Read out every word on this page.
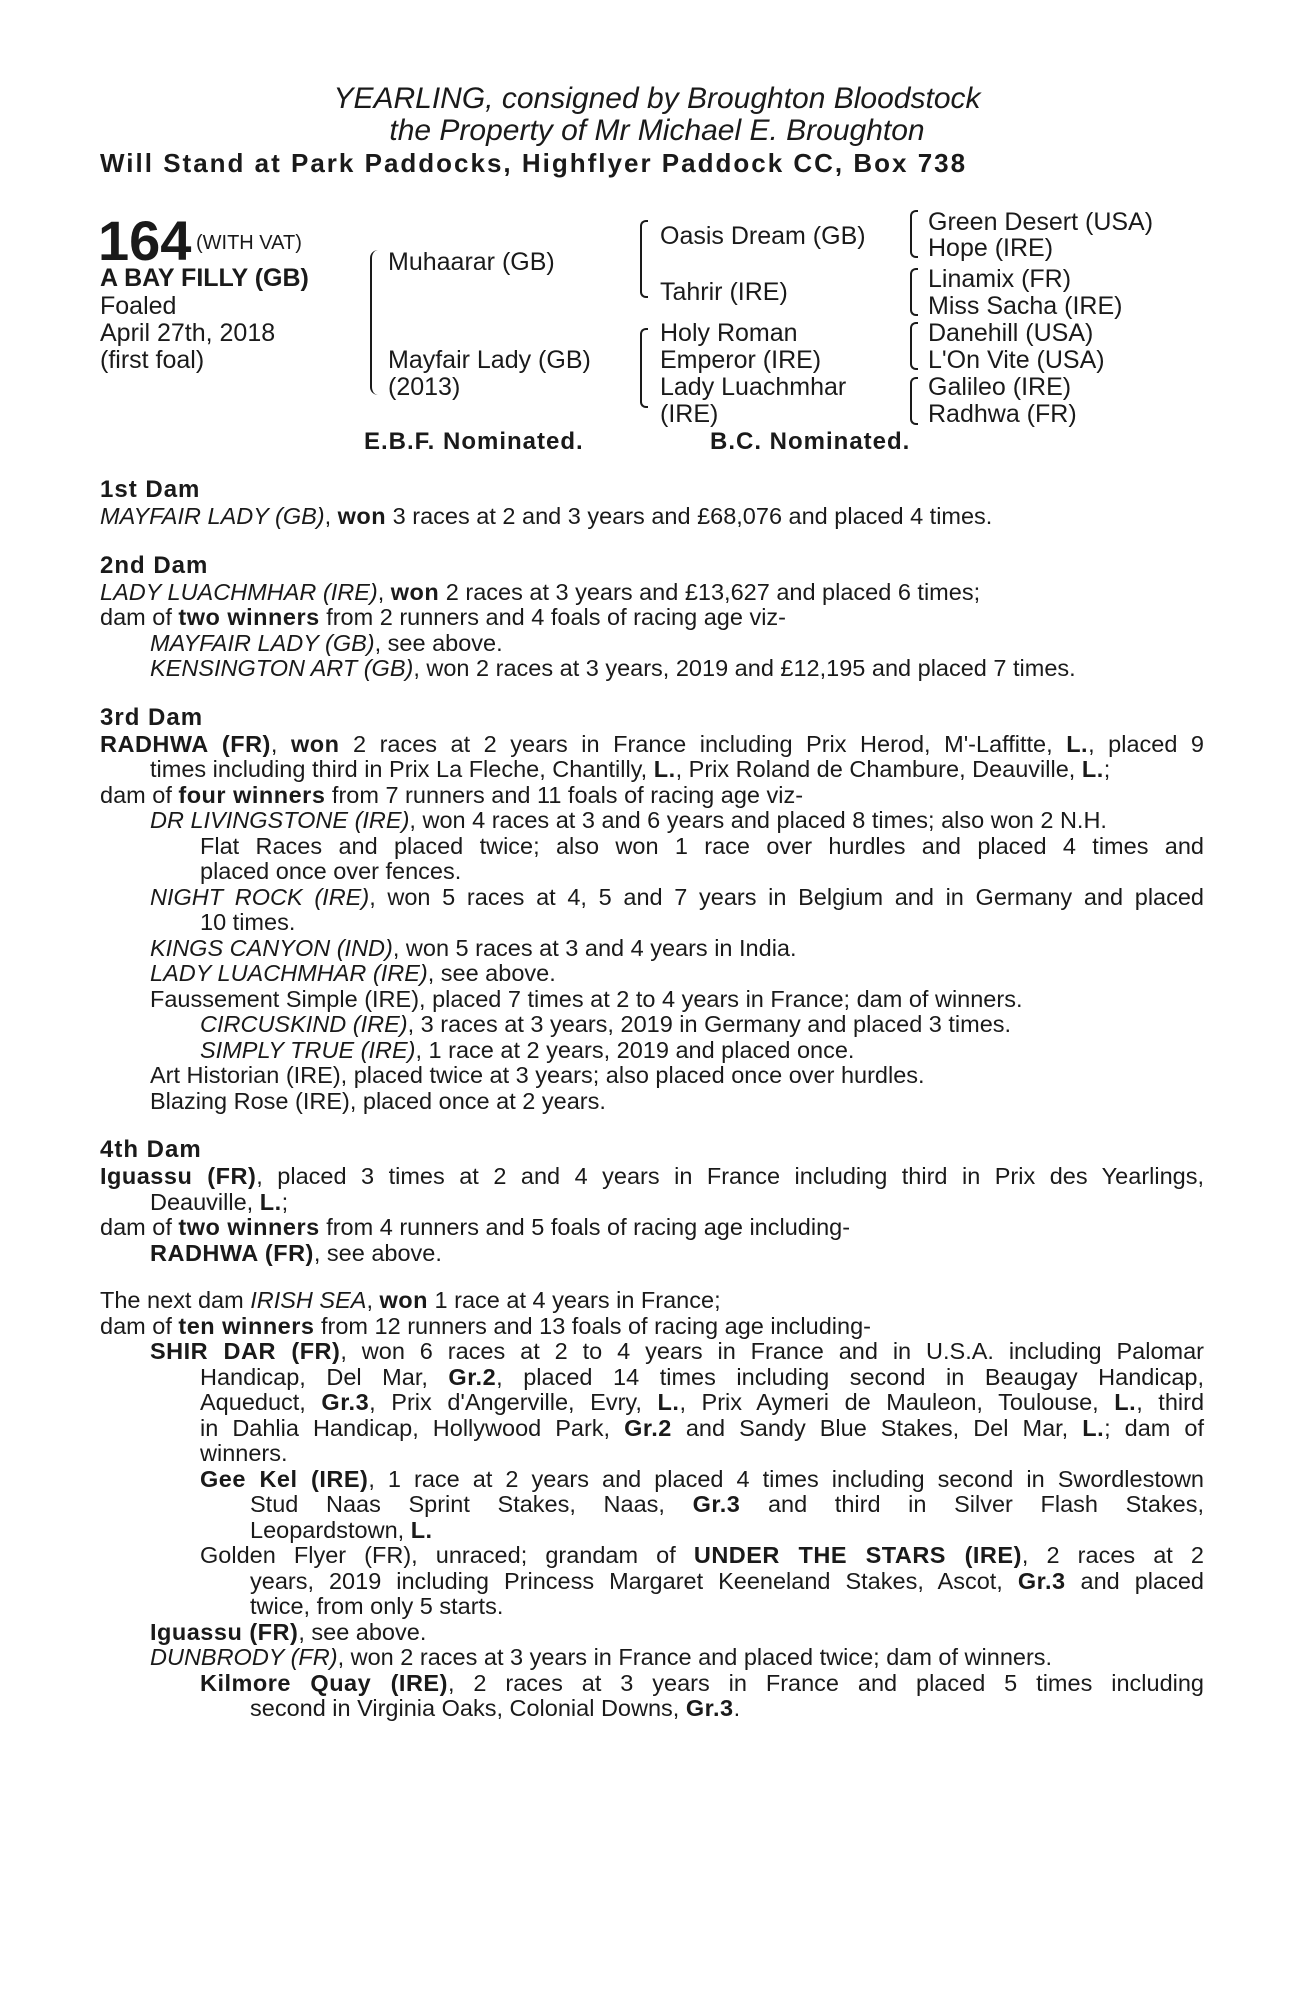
YEARLING, consigned by Broughton Bloodstock
the Property of Mr Michael E. Broughton
Will Stand at Park Paddocks, Highflyer Paddock CC, Box 738
164 (WITH VAT)
A BAY FILLY (GB)
Foaled
April 27th, 2018
(first foal)
Muhaarar (GB)
Mayfair Lady (GB)
(2013)
Oasis Dream (GB)
Tahrir (IRE)
Holy Roman
Emperor (IRE)
Lady Luachmhar
(IRE)
Green Desert (USA)
Hope (IRE)
Linamix (FR)
Miss Sacha (IRE)
Danehill (USA)
L'On Vite (USA)
Galileo (IRE)
Radhwa (FR)
E.B.F. Nominated.	B.C. Nominated.
1st Dam
MAYFAIR LADY (GB), won 3 races at 2 and 3 years and £68,076 and placed 4 times.
2nd Dam
LADY LUACHMHAR (IRE), won 2 races at 3 years and £13,627 and placed 6 times;
dam of two winners from 2 runners and 4 foals of racing age viz-
MAYFAIR LADY (GB), see above.
KENSINGTON ART (GB), won 2 races at 3 years, 2019 and £12,195 and placed 7 times.
3rd Dam
RADHWA (FR), won 2 races at 2 years in France including Prix Herod, M'-Laffitte, L., placed 9
times including third in Prix La Fleche, Chantilly, L., Prix Roland de Chambure, Deauville, L.;
dam of four winners from 7 runners and 11 foals of racing age viz-
DR LIVINGSTONE (IRE), won 4 races at 3 and 6 years and placed 8 times; also won 2 N.H.
Flat Races and placed twice; also won 1 race over hurdles and placed 4 times and
placed once over fences.
NIGHT ROCK (IRE), won 5 races at 4, 5 and 7 years in Belgium and in Germany and placed
10 times.
KINGS CANYON (IND), won 5 races at 3 and 4 years in India.
LADY LUACHMHAR (IRE), see above.
Faussement Simple (IRE), placed 7 times at 2 to 4 years in France; dam of winners.
CIRCUSKIND (IRE), 3 races at 3 years, 2019 in Germany and placed 3 times.
SIMPLY TRUE (IRE), 1 race at 2 years, 2019 and placed once.
Art Historian (IRE), placed twice at 3 years; also placed once over hurdles.
Blazing Rose (IRE), placed once at 2 years.
4th Dam
Iguassu (FR), placed 3 times at 2 and 4 years in France including third in Prix des Yearlings,
Deauville, L.;
dam of two winners from 4 runners and 5 foals of racing age including-
RADHWA (FR), see above.
The next dam IRISH SEA, won 1 race at 4 years in France;
dam of ten winners from 12 runners and 13 foals of racing age including-
SHIR DAR (FR), won 6 races at 2 to 4 years in France and in U.S.A. including Palomar
Handicap, Del Mar, Gr.2, placed 14 times including second in Beaugay Handicap,
Aqueduct, Gr.3, Prix d'Angerville, Evry, L., Prix Aymeri de Mauleon, Toulouse, L., third
in Dahlia Handicap, Hollywood Park, Gr.2 and Sandy Blue Stakes, Del Mar, L.; dam of
winners.
Gee Kel (IRE), 1 race at 2 years and placed 4 times including second in Swordlestown
Stud Naas Sprint Stakes, Naas, Gr.3 and third in Silver Flash Stakes,
Leopardstown, L.
Golden Flyer (FR), unraced; grandam of UNDER THE STARS (IRE), 2 races at 2
years, 2019 including Princess Margaret Keeneland Stakes, Ascot, Gr.3 and placed
twice, from only 5 starts.
Iguassu (FR), see above.
DUNBRODY (FR), won 2 races at 3 years in France and placed twice; dam of winners.
Kilmore Quay (IRE), 2 races at 3 years in France and placed 5 times including
second in Virginia Oaks, Colonial Downs, Gr.3.
